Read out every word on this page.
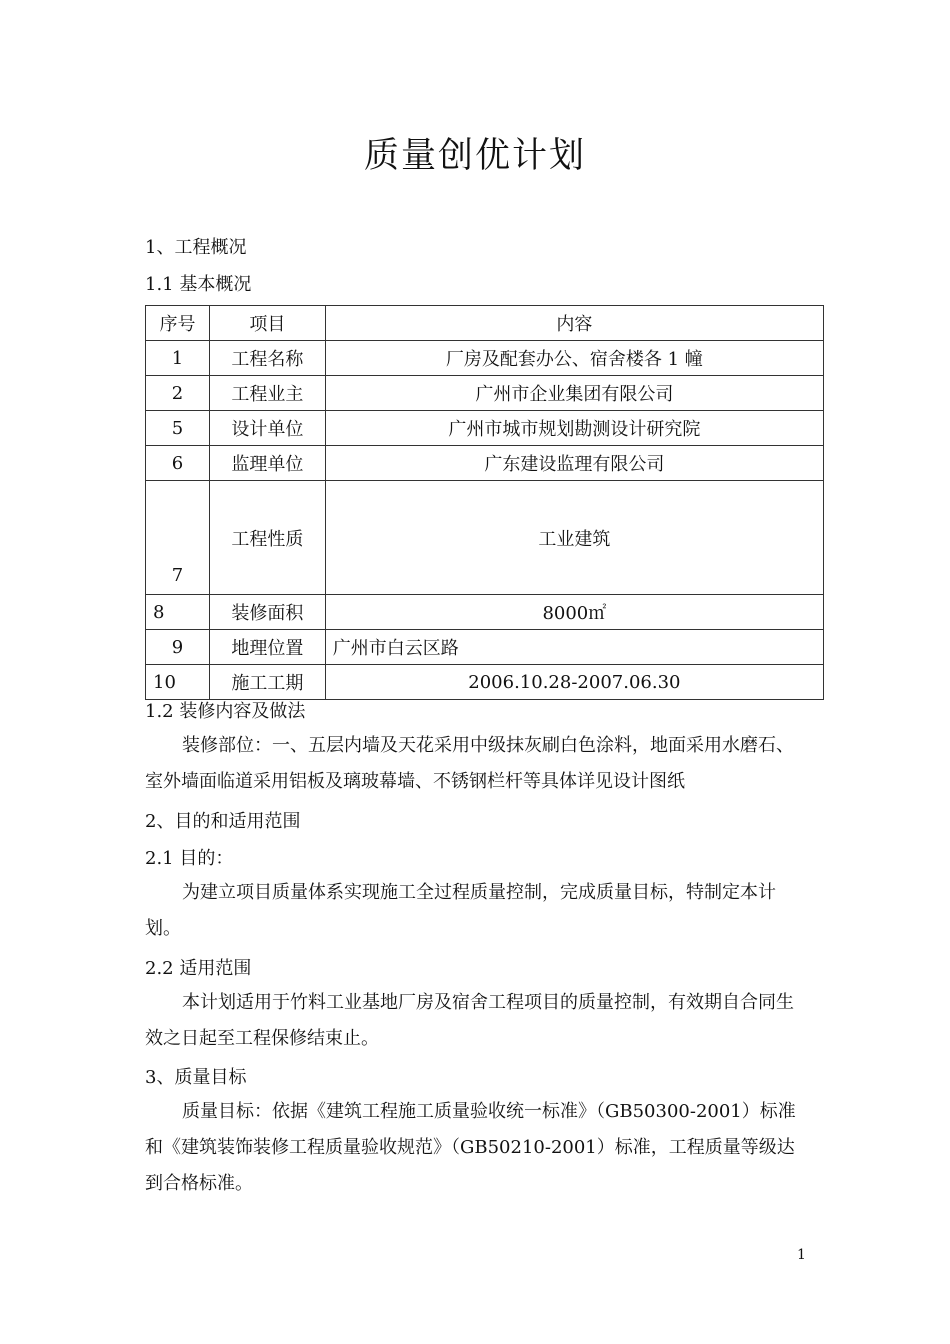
质量创优计划
1、工程概况
1.1 基本概况
序号	项目	内容
1	工程名称	厂房及配套办公、宿舍楼各 1 幢
2	工程业主	广州市企业集团有限公司
5	设计单位	广州市城市规划勘测设计研究院
6	监理单位	广东建设监理有限公司
7	工程性质	工业建筑
8	装修面积	8000㎡
9	地理位置	广州市白云区路
10	施工工期	2006.10.28-2007.06.30
1.2 装修内容及做法
装修部位：一、五层内墙及天花采用中级抹灰刷白色涂料，地面采用水磨石、室外墙面临道采用铝板及璃玻幕墙、不锈钢栏杆等具体详见设计图纸
2、目的和适用范围
2.1 目的：
为建立项目质量体系实现施工全过程质量控制，完成质量目标，特制定本计划。
2.2 适用范围
本计划适用于竹料工业基地厂房及宿舍工程项目的质量控制，有效期自合同生效之日起至工程保修结束止。
3、质量目标
质量目标：依据《建筑工程施工质量验收统一标准》（GB50300-2001）标准和《建筑装饰装修工程质量验收规范》（GB50210-2001）标准，工程质量等级达到合格标准。
1
